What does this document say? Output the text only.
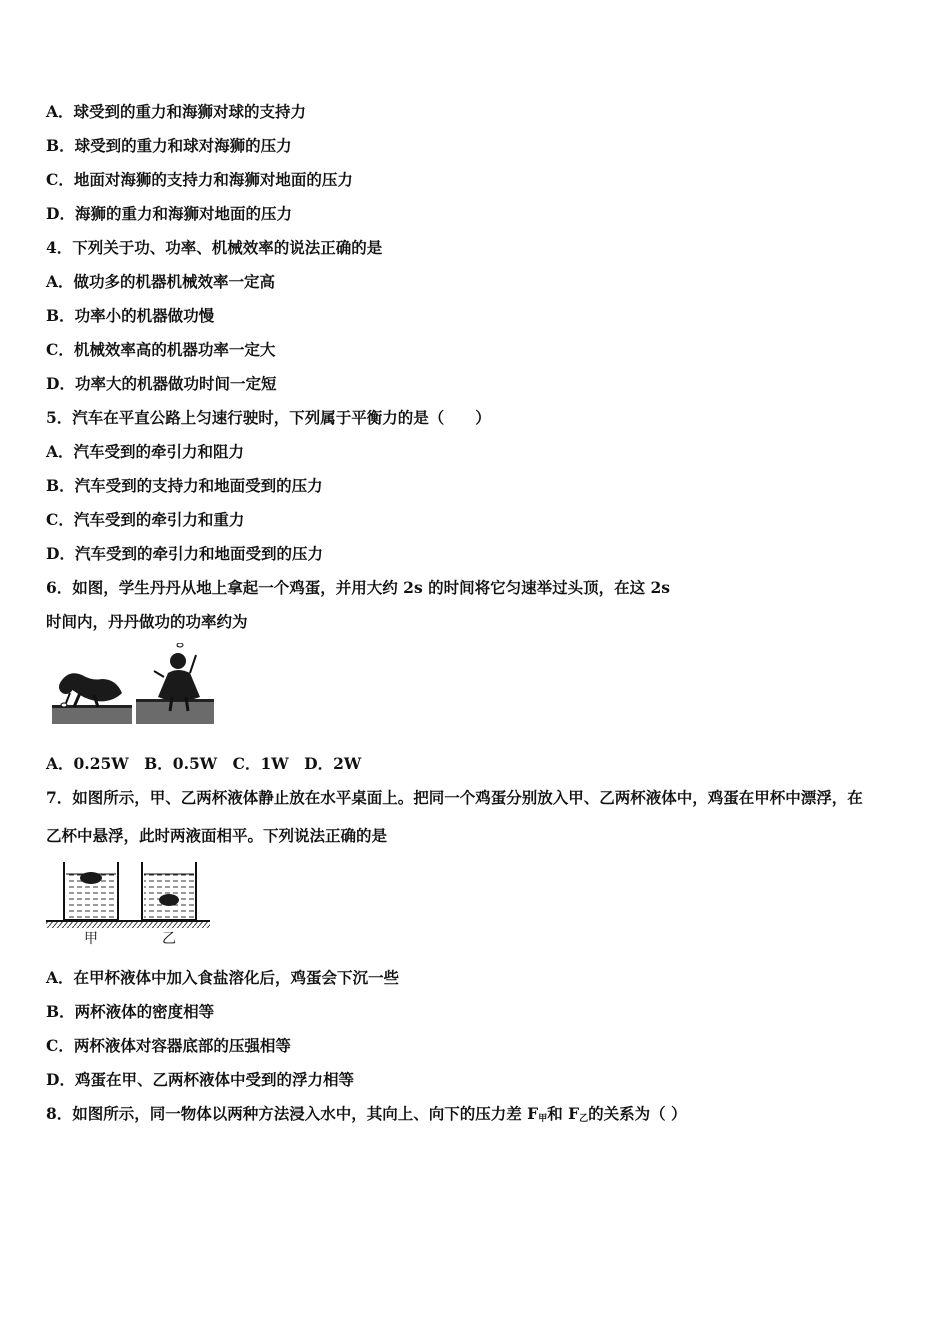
A．球受到的重力和海狮对球的支持力
B．球受到的重力和球对海狮的压力
C．地面对海狮的支持力和海狮对地面的压力
D．海狮的重力和海狮对地面的压力
4．下列关于功、功率、机械效率的说法正确的是
A．做功多的机器机械效率一定高
B．功率小的机器做功慢
C．机械效率高的机器功率一定大
D．功率大的机器做功时间一定短
5．汽车在平直公路上匀速行驶时，下列属于平衡力的是（　　）
A．汽车受到的牵引力和阻力
B．汽车受到的支持力和地面受到的压力
C．汽车受到的牵引力和重力
D．汽车受到的牵引力和地面受到的压力
6．如图，学生丹丹从地上拿起一个鸡蛋，并用大约 2s 的时间将它匀速举过头顶，在这 2s
时间内，丹丹做功的功率约为
A．0.25W　B．0.5W　C．1W　D．2W
7．如图所示，甲、乙两杯液体静止放在水平桌面上。把同一个鸡蛋分别放入甲、乙两杯液体中，鸡蛋在甲杯中漂浮，在
乙杯中悬浮，此时两液面相平。下列说法正确的是
甲	乙
A．在甲杯液体中加入食盐溶化后，鸡蛋会下沉一些
B．两杯液体的密度相等
C．两杯液体对容器底部的压强相等
D．鸡蛋在甲、乙两杯液体中受到的浮力相等
8．如图所示，同一物体以两种方法浸入水中，其向上、向下的压力差 $F_甲$和 $F_乙$的关系为（ ）
